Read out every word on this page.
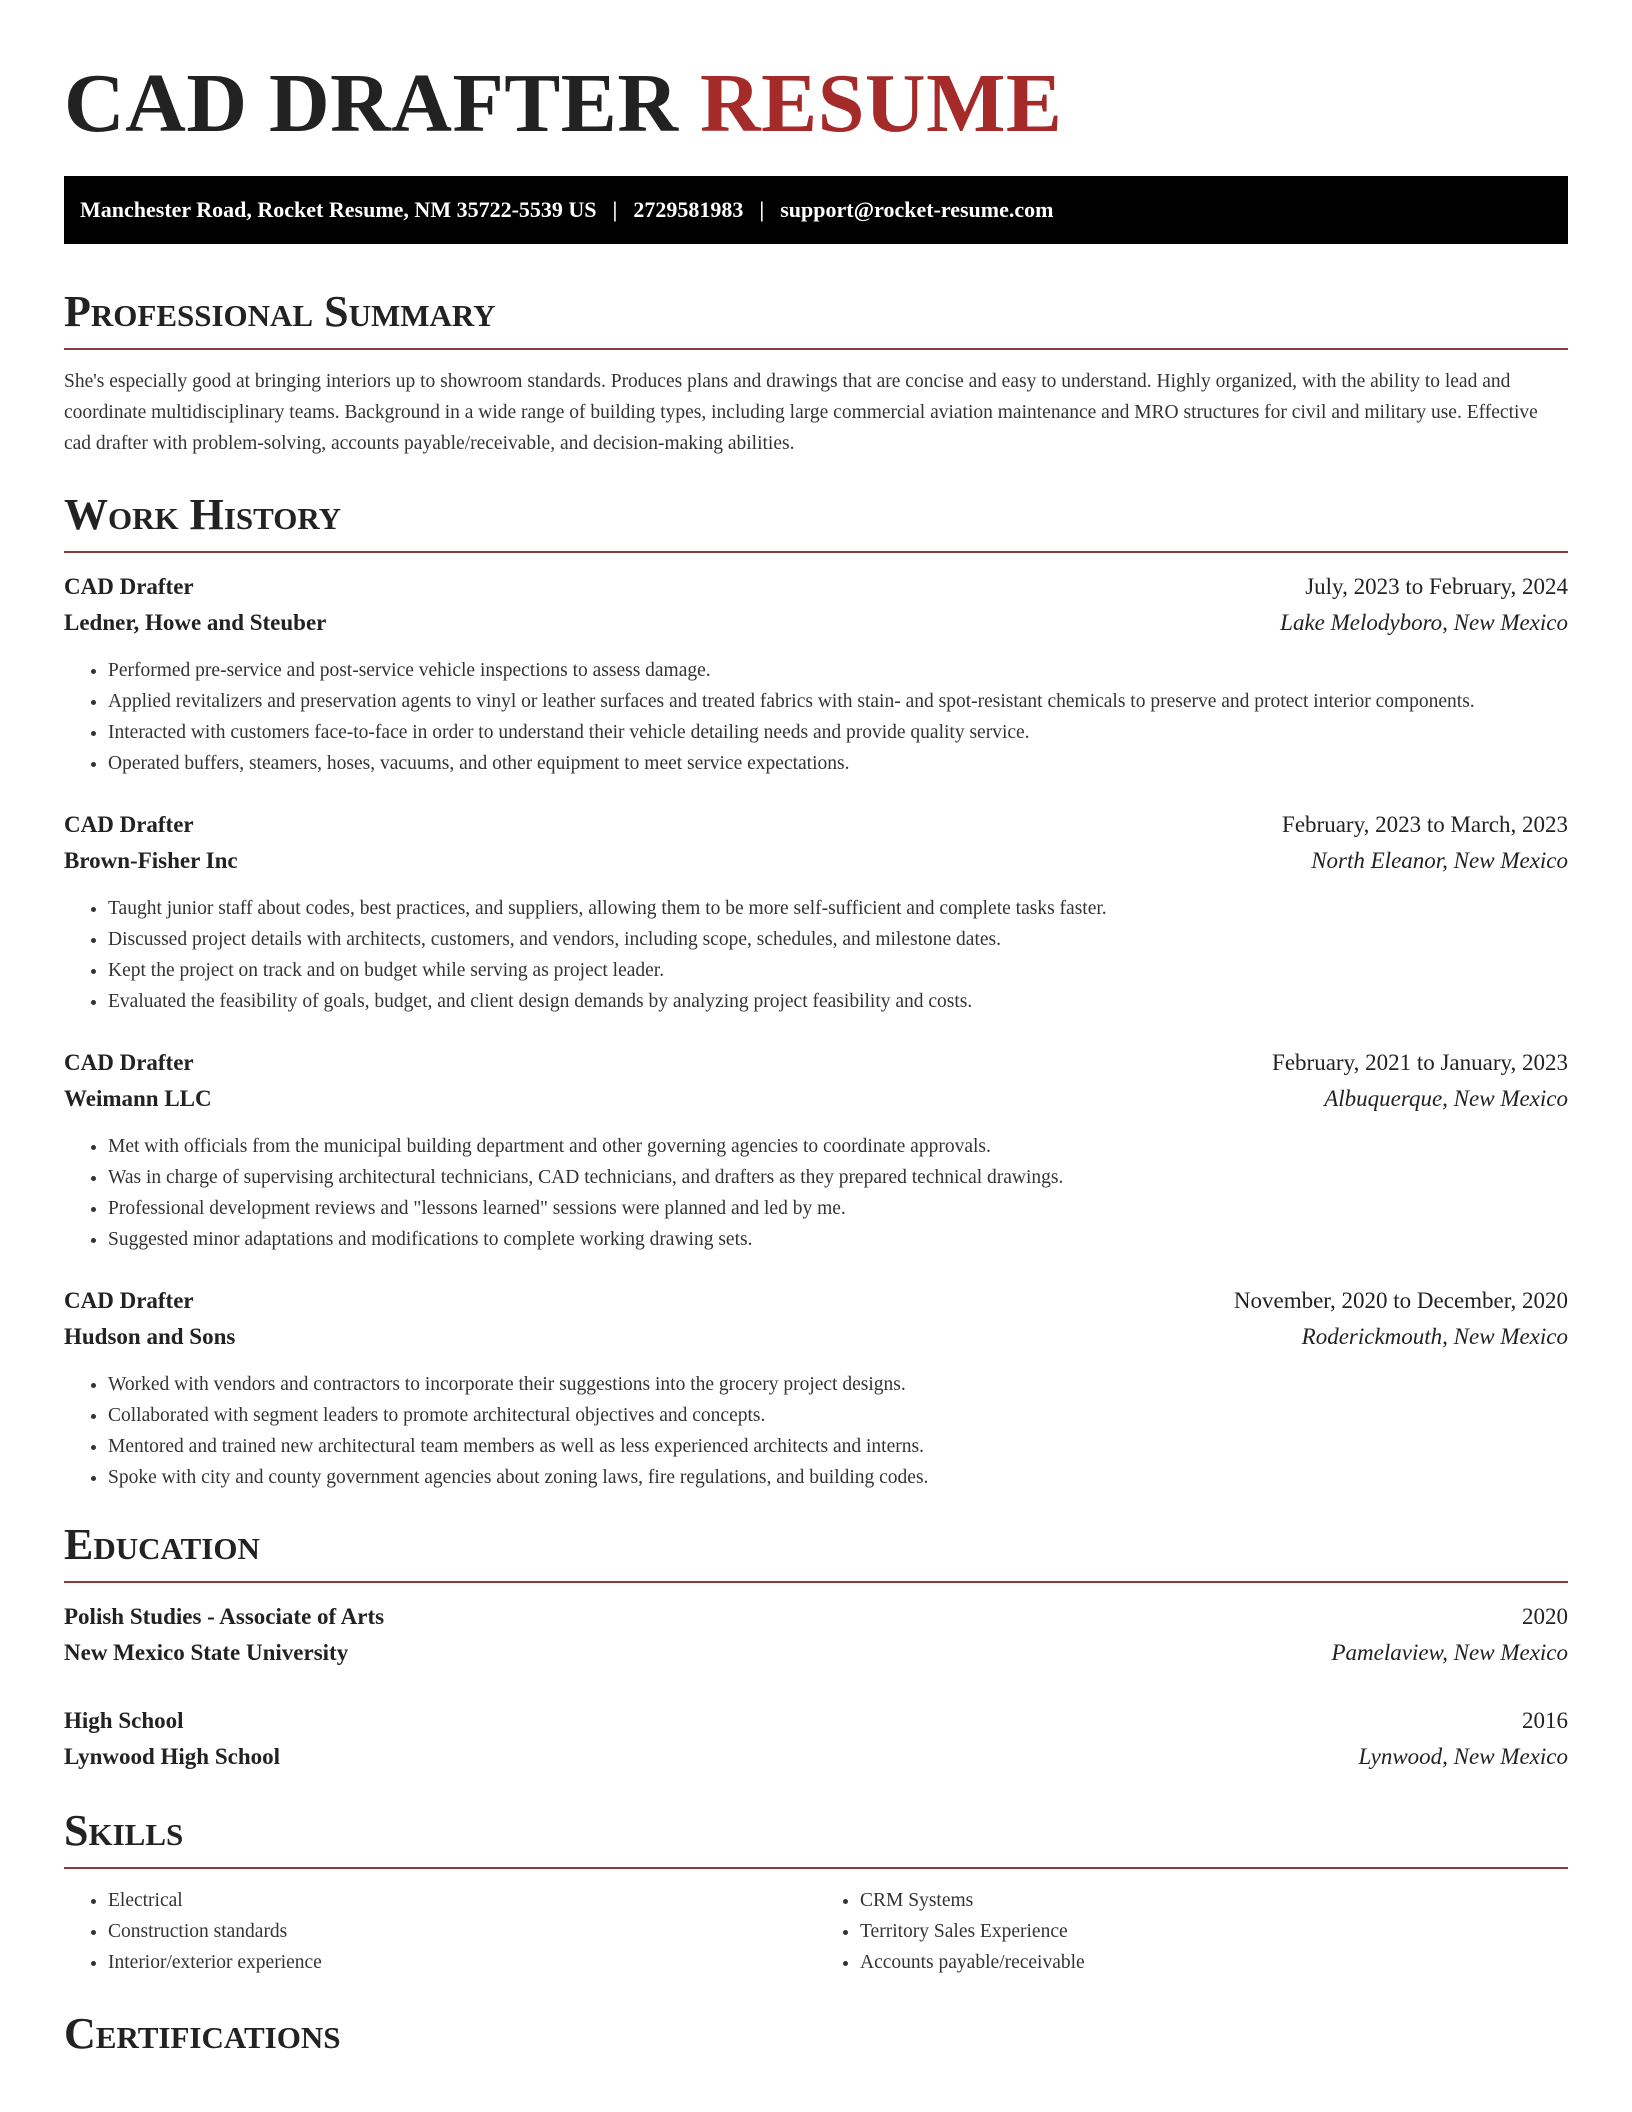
CAD DRAFTER RESUME
Manchester Road, Rocket Resume, NM 35722-5539 US | 2729581983 | support@rocket-resume.com
Professional Summary

She's especially good at bringing interiors up to showroom standards. Produces plans and drawings that are concise and easy to understand. Highly organized, with the ability to lead and coordinate multidisciplinary teams. Background in a wide range of building types, including large commercial aviation maintenance and MRO structures for civil and military use. Effective cad drafter with problem-solving, accounts payable/receivable, and decision-making abilities.

Work History
CAD Drafter	July, 2023 to February, 2024
Ledner, Howe and Steuber	Lake Melodyboro, New Mexico
• Performed pre-service and post-service vehicle inspections to assess damage.
• Applied revitalizers and preservation agents to vinyl or leather surfaces and treated fabrics with stain- and spot-resistant chemicals to preserve and protect interior components.
• Interacted with customers face-to-face in order to understand their vehicle detailing needs and provide quality service.
• Operated buffers, steamers, hoses, vacuums, and other equipment to meet service expectations.
CAD Drafter	February, 2023 to March, 2023
Brown-Fisher Inc	North Eleanor, New Mexico
• Taught junior staff about codes, best practices, and suppliers, allowing them to be more self-sufficient and complete tasks faster.
• Discussed project details with architects, customers, and vendors, including scope, schedules, and milestone dates.
• Kept the project on track and on budget while serving as project leader.
• Evaluated the feasibility of goals, budget, and client design demands by analyzing project feasibility and costs.
CAD Drafter	February, 2021 to January, 2023
Weimann LLC	Albuquerque, New Mexico
• Met with officials from the municipal building department and other governing agencies to coordinate approvals.
• Was in charge of supervising architectural technicians, CAD technicians, and drafters as they prepared technical drawings.
• Professional development reviews and "lessons learned" sessions were planned and led by me.
• Suggested minor adaptations and modifications to complete working drawing sets.
CAD Drafter	November, 2020 to December, 2020
Hudson and Sons	Roderickmouth, New Mexico
• Worked with vendors and contractors to incorporate their suggestions into the grocery project designs.
• Collaborated with segment leaders to promote architectural objectives and concepts.
• Mentored and trained new architectural team members as well as less experienced architects and interns.
• Spoke with city and county government agencies about zoning laws, fire regulations, and building codes.
Education
Polish Studies - Associate of Arts	2020
New Mexico State University	Pamelaview, New Mexico
High School	2016
Lynwood High School	Lynwood, New Mexico
Skills
• Electrical
• Construction standards
• Interior/exterior experience
• CRM Systems
• Territory Sales Experience
• Accounts payable/receivable
Certifications
